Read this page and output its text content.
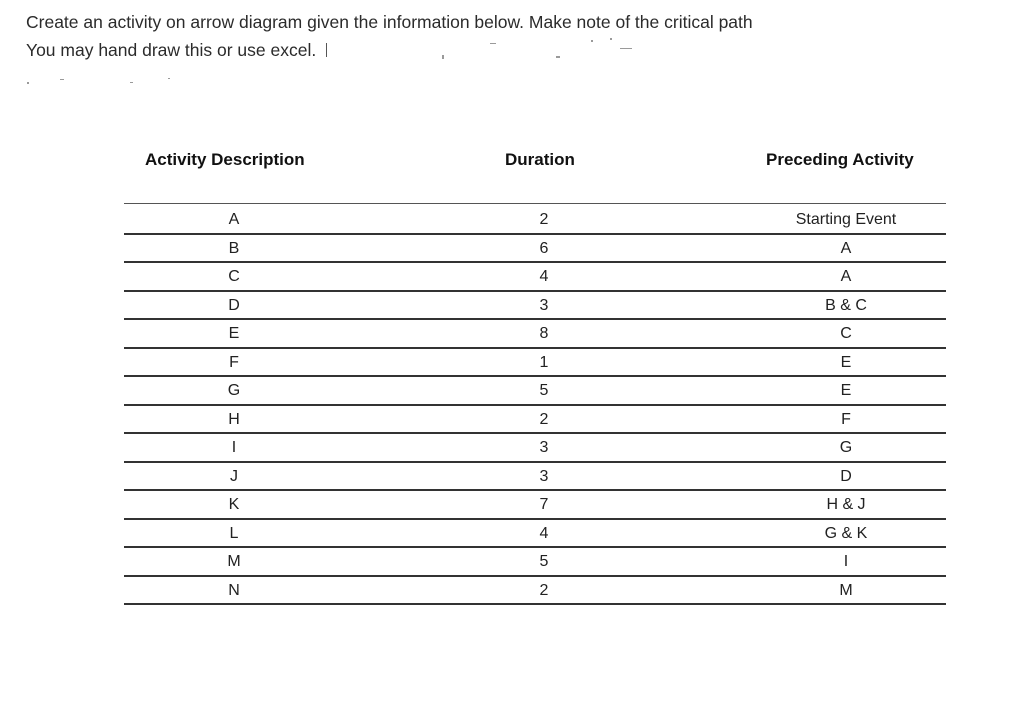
Create an activity on arrow diagram given the information below. Make note of the critical path
You may hand draw this or use excel.
Activity Description	Duration	Preceding Activity
A	2	Starting Event
B	6	A
C	4	A
D	3	B & C
E	8	C
F	1	E
G	5	E
H	2	F
I	3	G
J	3	D
K	7	H & J
L	4	G & K
M	5	I
N	2	M
